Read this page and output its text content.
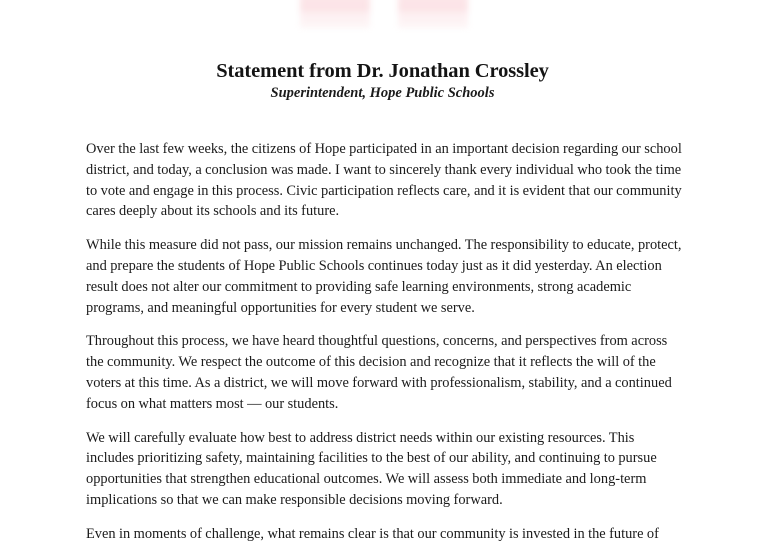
Statement from Dr. Jonathan Crossley
Superintendent, Hope Public Schools

Over the last few weeks, the citizens of Hope participated in an important decision regarding our school district, and today, a conclusion was made. I want to sincerely thank every individual who took the time to vote and engage in this process. Civic participation reflects care, and it is evident that our community cares deeply about its schools and its future.

While this measure did not pass, our mission remains unchanged. The responsibility to educate, protect, and prepare the students of Hope Public Schools continues today just as it did yesterday. An election result does not alter our commitment to providing safe learning environments, strong academic programs, and meaningful opportunities for every student we serve.

Throughout this process, we have heard thoughtful questions, concerns, and perspectives from across the community. We respect the outcome of this decision and recognize that it reflects the will of the voters at this time. As a district, we will move forward with professionalism, stability, and a continued focus on what matters most — our students.

We will carefully evaluate how best to address district needs within our existing resources. This includes prioritizing safety, maintaining facilities to the best of our ability, and continuing to pursue opportunities that strengthen educational outcomes. We will assess both immediate and long-term implications so that we can make responsible decisions moving forward.

Even in moments of challenge, what remains clear is that our community is invested in the future of
